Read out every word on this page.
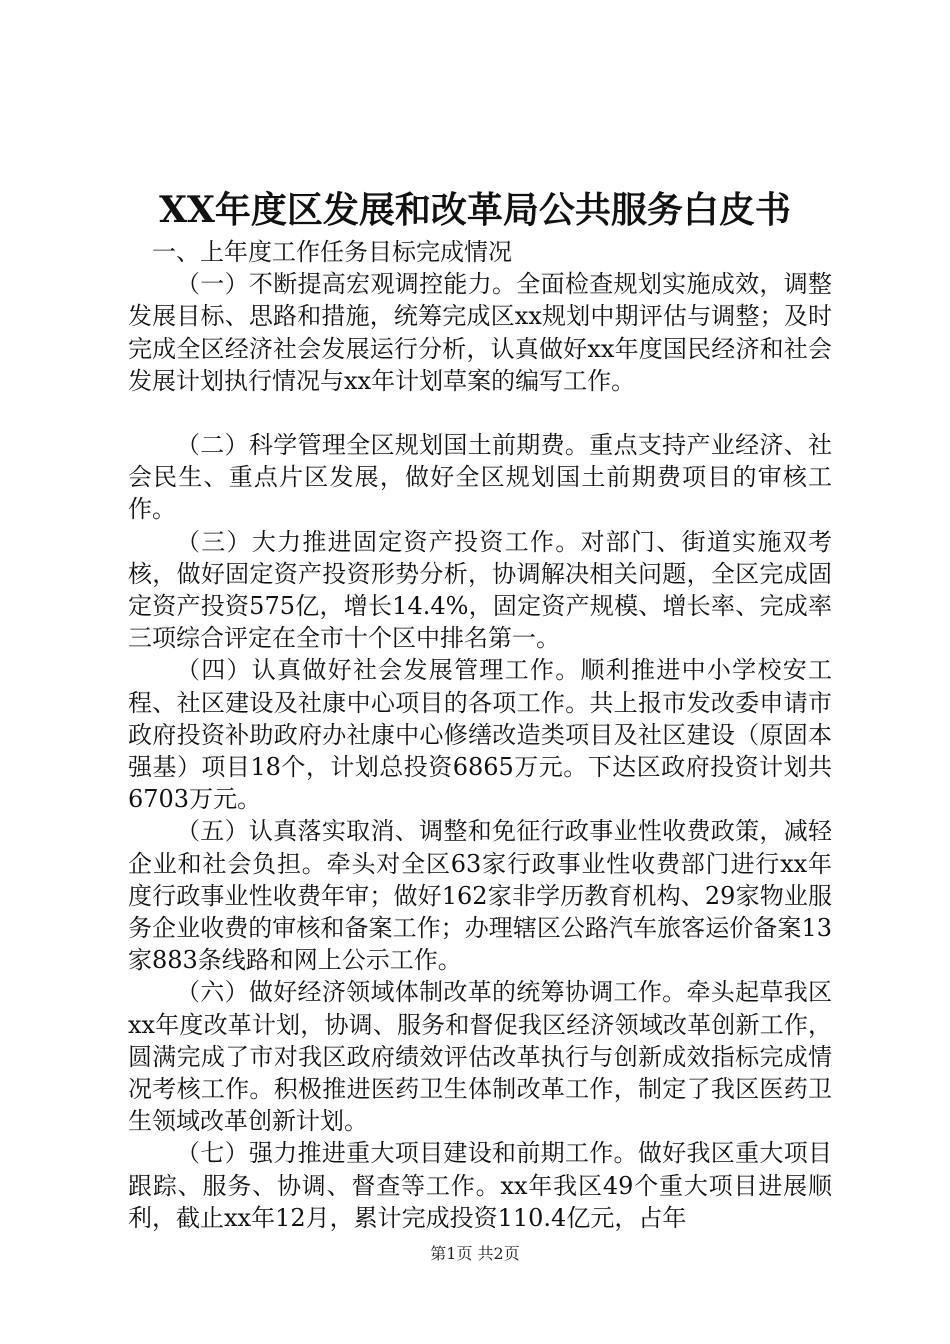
XX年度区发展和改革局公共服务白皮书

一、上年度工作任务目标完成情况

（一）不断提高宏观调控能力。全面检查规划实施成效，调整发展目标、思路和措施，统筹完成区xx规划中期评估与调整；及时完成全区经济社会发展运行分析，认真做好xx年度国民经济和社会发展计划执行情况与xx年计划草案的编写工作。

（二）科学管理全区规划国土前期费。重点支持产业经济、社会民生、重点片区发展，做好全区规划国土前期费项目的审核工作。

（三）大力推进固定资产投资工作。对部门、街道实施双考核，做好固定资产投资形势分析，协调解决相关问题，全区完成固定资产投资575亿，增长14.4%，固定资产规模、增长率、完成率三项综合评定在全市十个区中排名第一。

（四）认真做好社会发展管理工作。顺利推进中小学校安工程、社区建设及社康中心项目的各项工作。共上报市发改委申请市政府投资补助政府办社康中心修缮改造类项目及社区建设（原固本强基）项目18个，计划总投资6865万元。下达区政府投资计划共6703万元。

（五）认真落实取消、调整和免征行政事业性收费政策，减轻企业和社会负担。牵头对全区63家行政事业性收费部门进行xx年度行政事业性收费年审；做好162家非学历教育机构、29家物业服务企业收费的审核和备案工作；办理辖区公路汽车旅客运价备案13家883条线路和网上公示工作。

（六）做好经济领域体制改革的统筹协调工作。牵头起草我区xx年度改革计划，协调、服务和督促我区经济领域改革创新工作，圆满完成了市对我区政府绩效评估改革执行与创新成效指标完成情况考核工作。积极推进医药卫生体制改革工作，制定了我区医药卫生领域改革创新计划。

（七）强力推进重大项目建设和前期工作。做好我区重大项目跟踪、服务、协调、督查等工作。xx年我区49个重大项目进展顺利，截止xx年12月，累计完成投资110.4亿元，占年

第1页 共2页
